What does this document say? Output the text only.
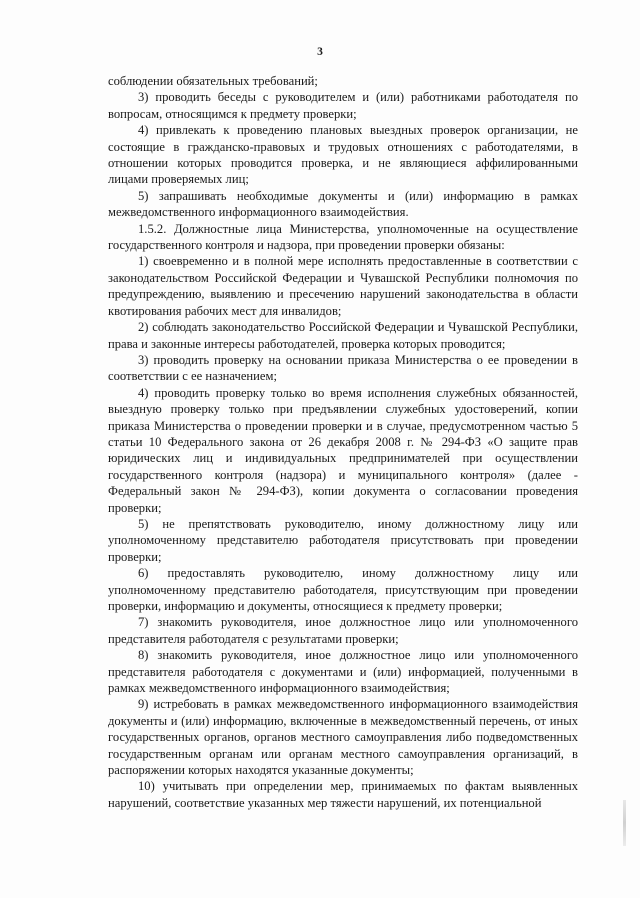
3

соблюдении обязательных требований;

3) проводить беседы с руководителем и (или) работниками работодателя по вопросам, относящимся к предмету проверки;

4) привлекать к проведению плановых выездных проверок организации, не состоящие в гражданско-правовых и трудовых отношениях с работодателями, в отношении которых проводится проверка, и не являющиеся аффилированными лицами проверяемых лиц;

5) запрашивать необходимые документы и (или) информацию в рамках межведомственного информационного взаимодействия.

1.5.2. Должностные лица Министерства, уполномоченные на осуществление государственного контроля и надзора, при проведении проверки обязаны:

1) своевременно и в полной мере исполнять предоставленные в соответствии с законодательством Российской Федерации и Чувашской Республики полномочия по предупреждению, выявлению и пресечению нарушений законодательства в области квотирования рабочих мест для инвалидов;

2) соблюдать законодательство Российской Федерации и Чувашской Республики, права и законные интересы работодателей, проверка которых проводится;

3) проводить проверку на основании приказа Министерства о ее проведении в соответствии с ее назначением;

4) проводить проверку только во время исполнения служебных обязанностей, выездную проверку только при предъявлении служебных удостоверений, копии приказа Министерства о проведении проверки и в случае, предусмотренном частью 5 статьи 10 Федерального закона от 26 декабря 2008 г. № 294-ФЗ «О защите прав юридических лиц и индивидуальных предпринимателей при осуществлении государственного контроля (надзора) и муниципального контроля» (далее - Федеральный закон № 294-ФЗ), копии документа о согласовании проведения проверки;

5) не препятствовать руководителю, иному должностному лицу или уполномоченному представителю работодателя присутствовать при проведении проверки;

6) предоставлять руководителю, иному должностному лицу или уполномоченному представителю работодателя, присутствующим при проведении проверки, информацию и документы, относящиеся к предмету проверки;

7) знакомить руководителя, иное должностное лицо или уполномоченного представителя работодателя с результатами проверки;

8) знакомить руководителя, иное должностное лицо или уполномоченного представителя работодателя с документами и (или) информацией, полученными в рамках межведомственного информационного взаимодействия;

9) истребовать в рамках межведомственного информационного взаимодействия документы и (или) информацию, включенные в межведомственный перечень, от иных государственных органов, органов местного самоуправления либо подведомственных государственным органам или органам местного самоуправления организаций, в распоряжении которых находятся указанные документы;

10) учитывать при определении мер, принимаемых по фактам выявленных нарушений, соответствие указанных мер тяжести нарушений, их потенциальной
